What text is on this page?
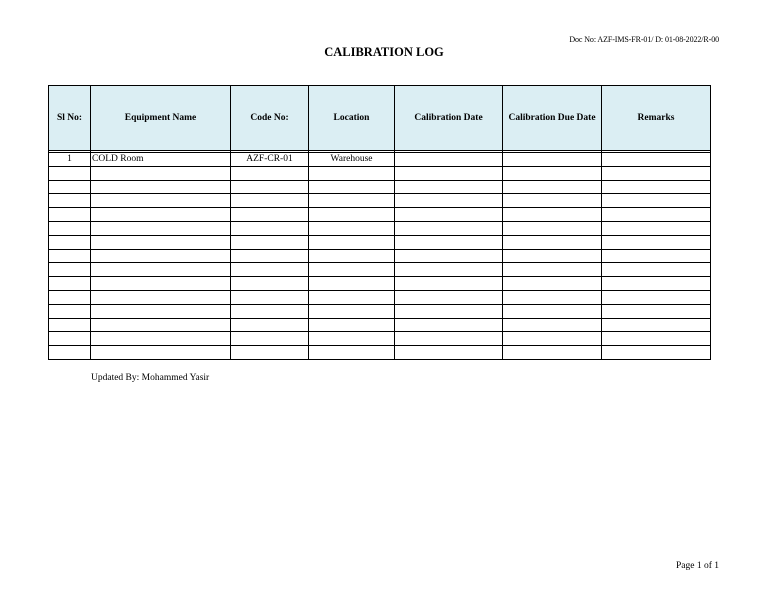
Doc No: AZF-IMS-FR-01/ D: 01-08-2022/R-00
CALIBRATION LOG
Sl No:	Equipment Name	Code No:	Location	Calibration Date	Calibration Due Date	Remarks

1	COLD Room	AZF-CR-01	Warehouse			

Updated By: Mohammed Yasir
Page 1 of 1
